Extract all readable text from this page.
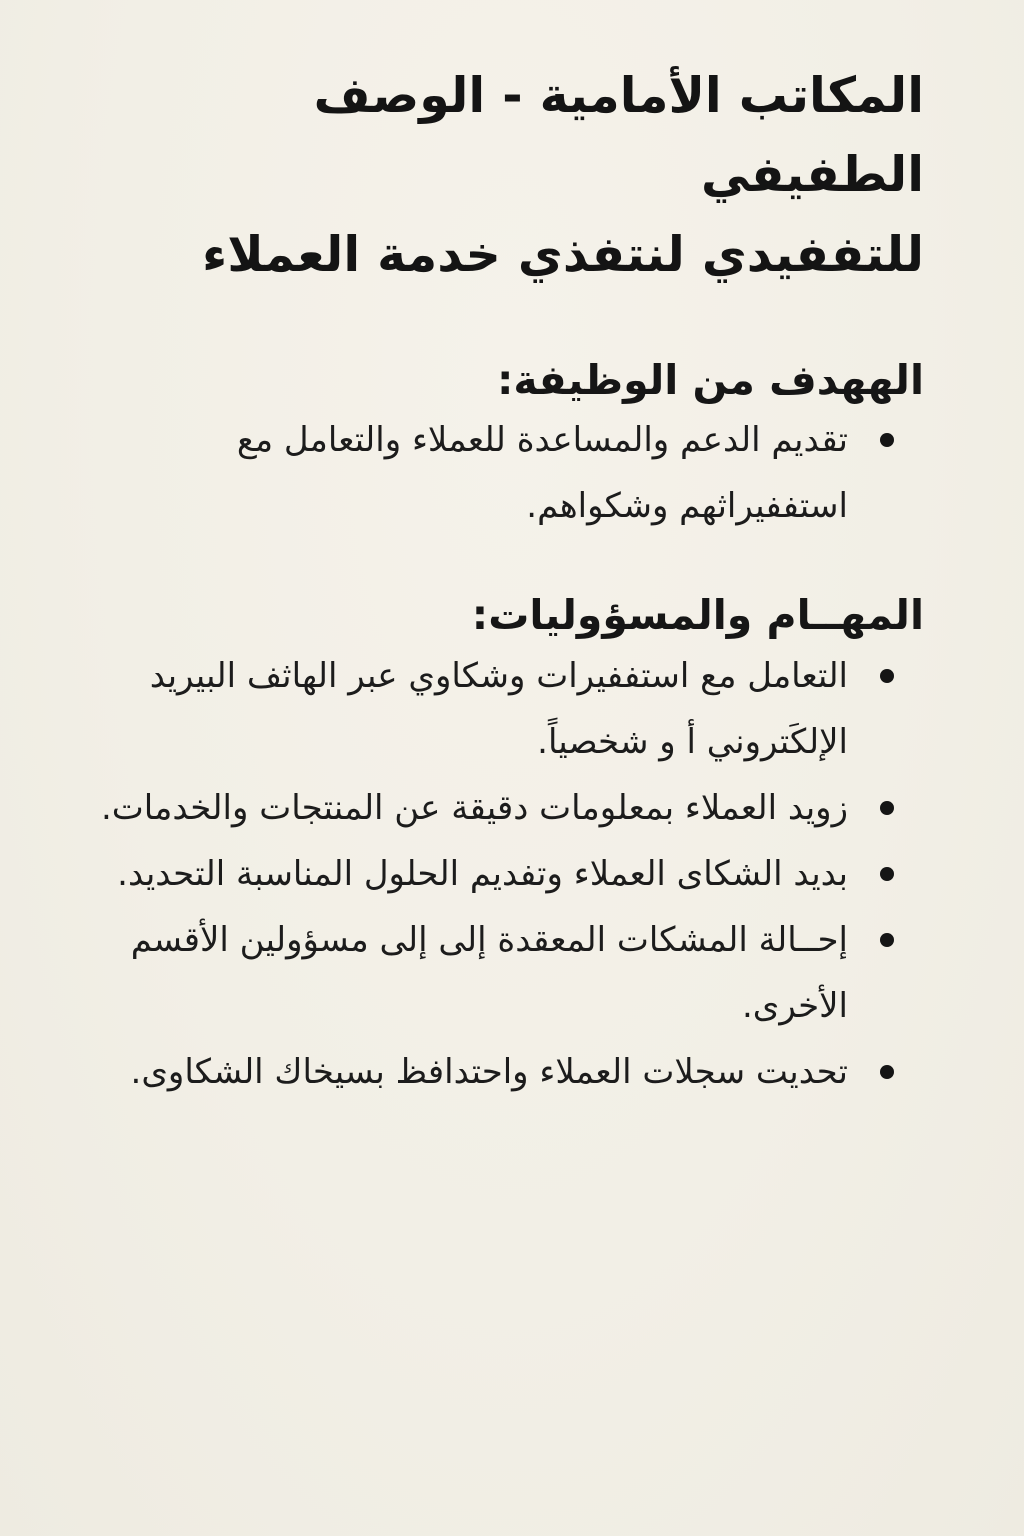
المكاتب الأمامية - الوصف الطفيفي
للتففيدي لنتفذي خدمة العملاء
الههدف من الوظيفة:
تقديم الدعم والمساعدة للعملاء والتعامل مع استففيراثهم وشكواهم.
المهــام والمسؤوليات:
التعامل مع استففيرات وشكاوي عبر الهاثف البيريد الإلكَتروني أ و شخصياً.
زويد العملاء بمعلومات دقيقة عن المنتجات والخدمات.
بديد الشكاى العملاء وتفديم الحلول المناسبة التحديد.
إحــالة المشكات المعقدة إلى إلى مسؤولين الأقسم الأخرى.
تحديت سجلات العملاء واحتدافظ بسيخاك الشكاوى.
